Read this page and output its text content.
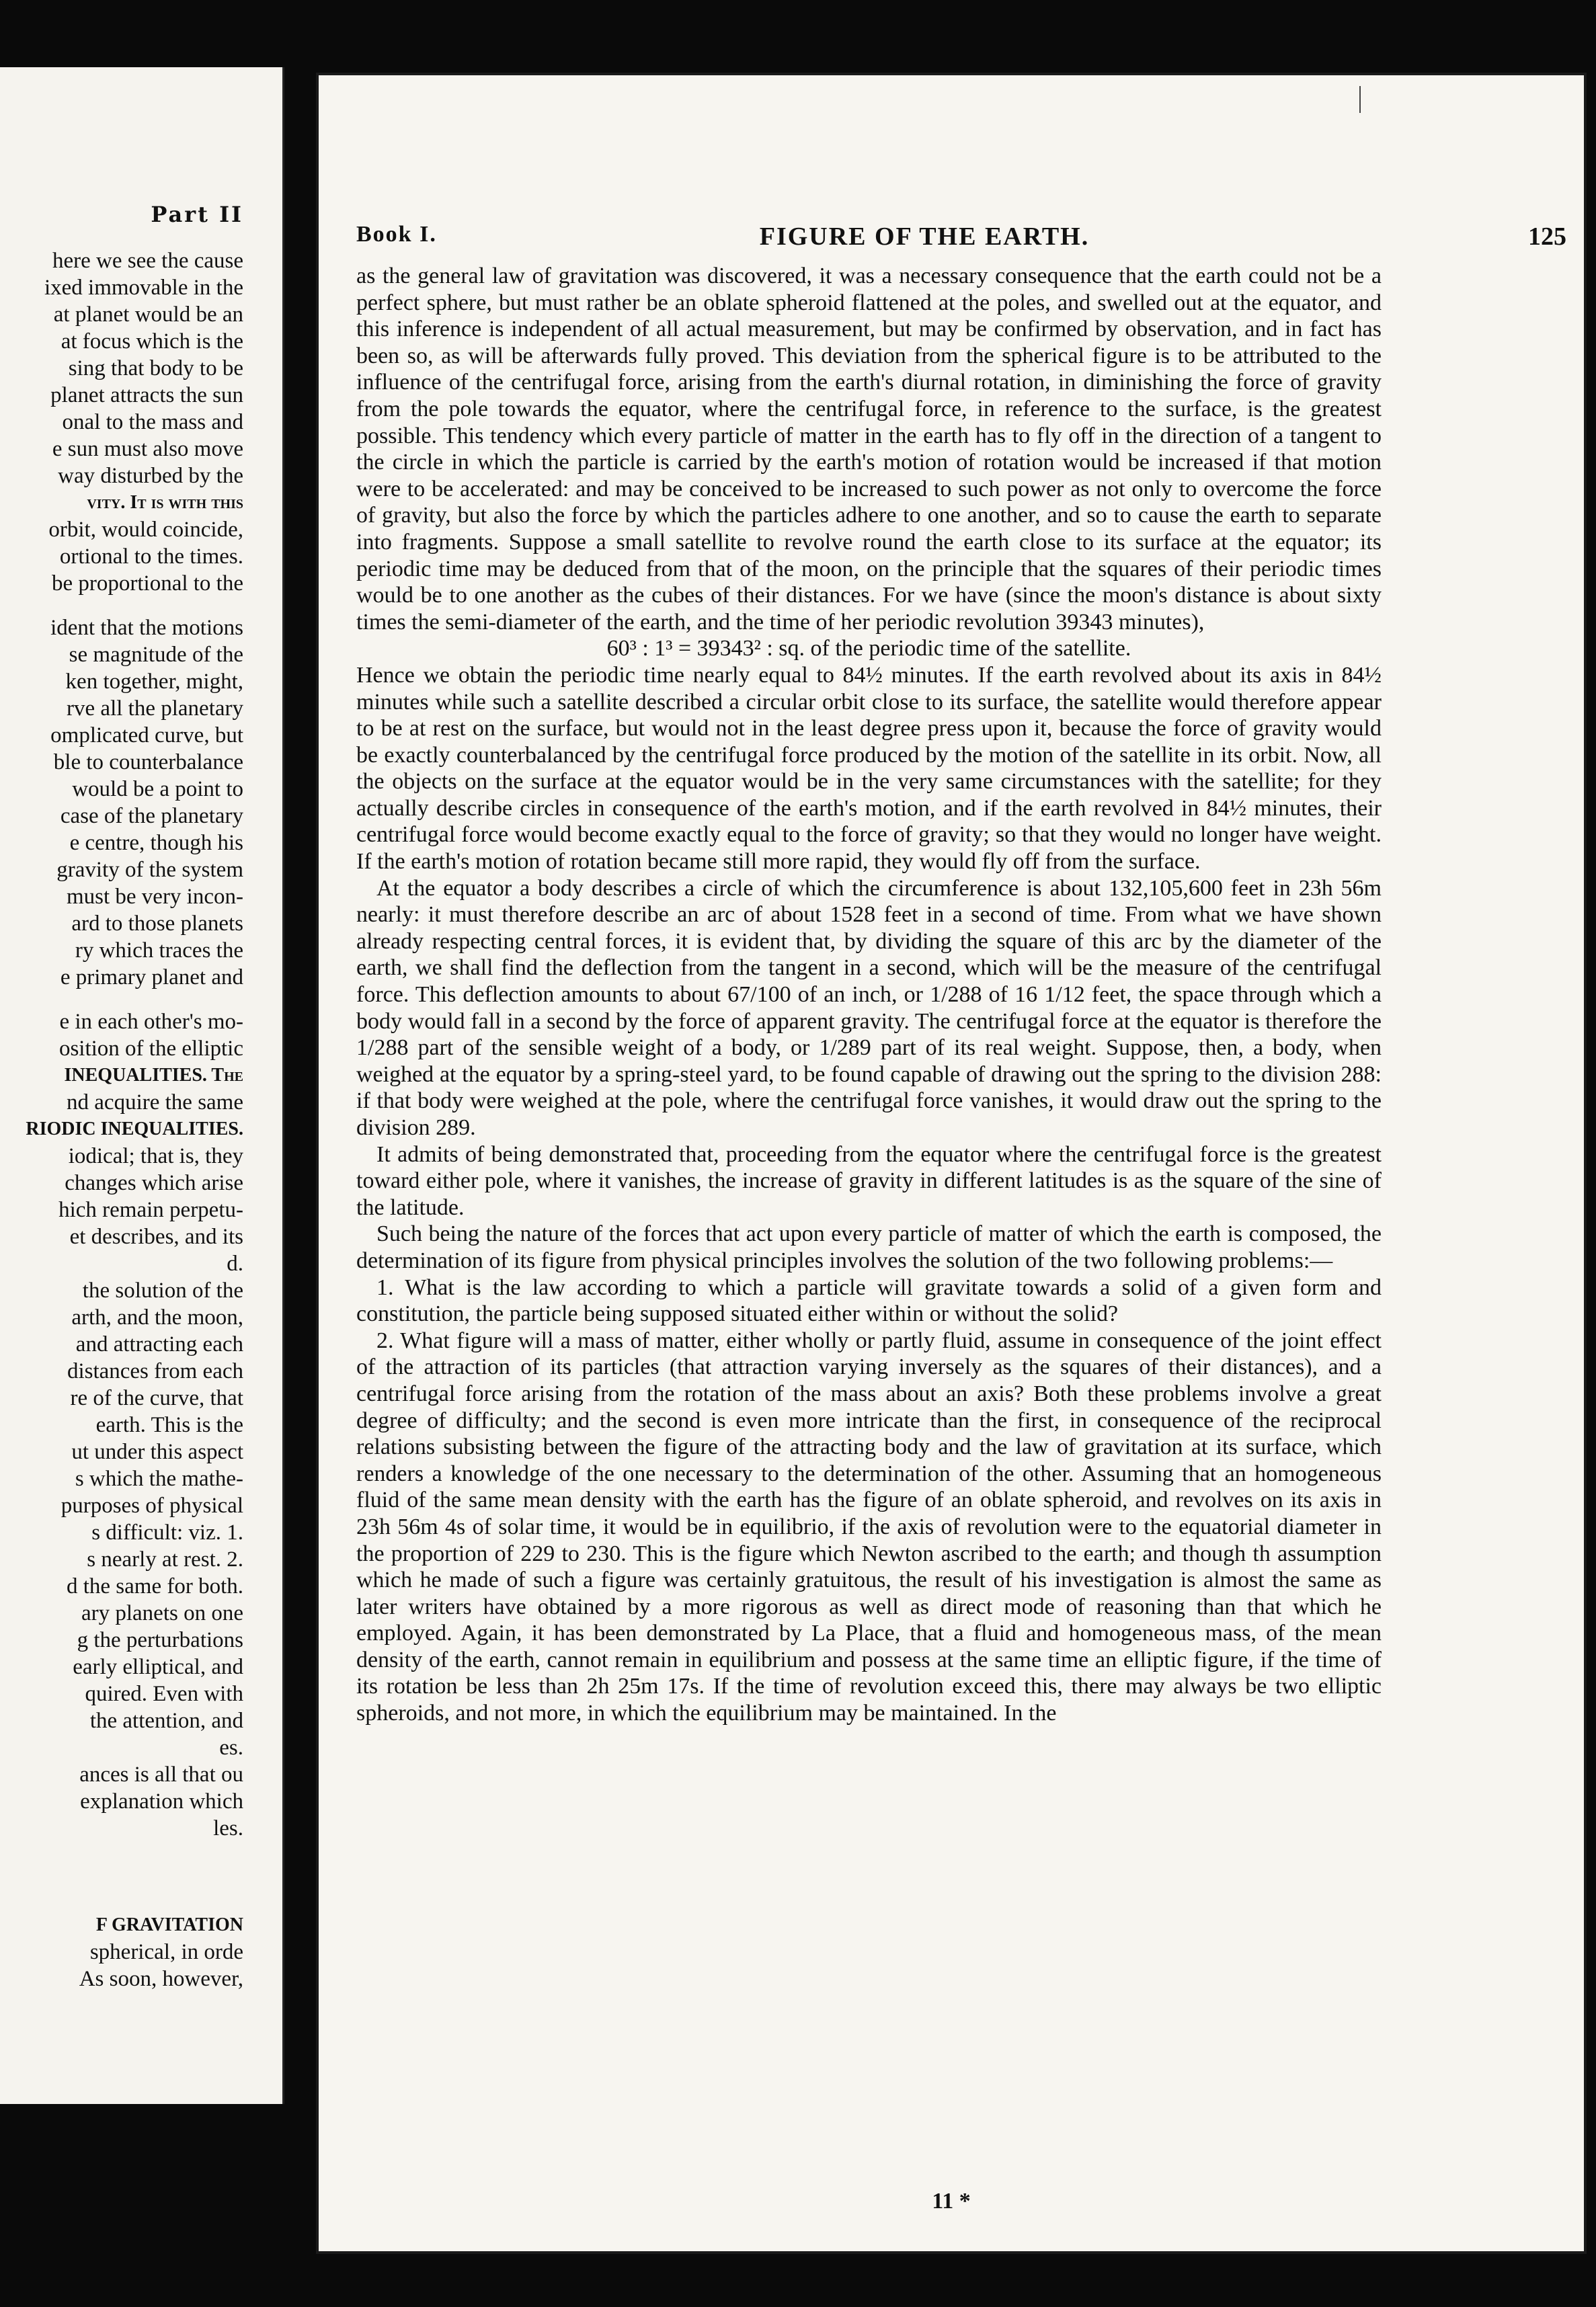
Part II
here we see the cause
ixed immovable in the
at planet would be an
at focus which is the
sing that body to be
planet attracts the sun
onal to the mass and
e sun must also move
way disturbed by the
vity. It is with this
orbit, would coincide,
ortional to the times.
be proportional to the
ident that the motions
se magnitude of the
ken together, might,
rve all the planetary
omplicated curve, but
ble to counterbalance
would be a point to
case of the planetary
e centre, though his
gravity of the system
must be very incon-
ard to those planets
ry which traces the
e primary planet and
e in each other's mo-
osition of the elliptic
INEQUALITIES. The
nd acquire the same
RIODIC INEQUALITIES.
iodical; that is, they
changes which arise
hich remain perpetu-
et describes, and its
d.
the solution of the
arth, and the moon,
and attracting each
distances from each
re of the curve, that
earth. This is the
ut under this aspect
s which the mathe-
purposes of physical
s difficult: viz. 1.
s nearly at rest. 2.
d the same for both.
ary planets on one
g the perturbations
early elliptical, and
quired. Even with
the attention, and
es.
ances is all that ou
explanation which
les.
F GRAVITATION
spherical, in orde
As soon, however,
Book I.	FIGURE OF THE EARTH.	125

as the general law of gravitation was discovered, it was a necessary consequence that the earth could not be a perfect sphere, but must rather be an oblate spheroid flattened at the poles, and swelled out at the equator, and this inference is independent of all actual measurement, but may be confirmed by observation, and in fact has been so, as will be afterwards fully proved. This deviation from the spherical figure is to be attributed to the influence of the centrifugal force, arising from the earth's diurnal rotation, in diminishing the force of gravity from the pole towards the equator, where the centrifugal force, in reference to the surface, is the greatest possible. This tendency which every particle of matter in the earth has to fly off in the direction of a tangent to the circle in which the particle is carried by the earth's motion of rotation would be increased if that motion were to be accelerated: and may be conceived to be increased to such power as not only to overcome the force of gravity, but also the force by which the particles adhere to one another, and so to cause the earth to separate into fragments. Suppose a small satellite to revolve round the earth close to its surface at the equator; its periodic time may be deduced from that of the moon, on the principle that the squares of their periodic times would be to one another as the cubes of their distances. For we have (since the moon's distance is about sixty times the semi-diameter of the earth, and the time of her periodic revolution 39343 minutes),

60³ : 1³ = 39343² : sq. of the periodic time of the satellite.

Hence we obtain the periodic time nearly equal to 84½ minutes. If the earth revolved about its axis in 84½ minutes while such a satellite described a circular orbit close to its surface, the satellite would therefore appear to be at rest on the surface, but would not in the least degree press upon it, because the force of gravity would be exactly counterbalanced by the centrifugal force produced by the motion of the satellite in its orbit. Now, all the objects on the surface at the equator would be in the very same circumstances with the satellite; for they actually describe circles in consequence of the earth's motion, and if the earth revolved in 84½ minutes, their centrifugal force would become exactly equal to the force of gravity; so that they would no longer have weight. If the earth's motion of rotation became still more rapid, they would fly off from the surface.

At the equator a body describes a circle of which the circumference is about 132,105,600 feet in 23h 56m nearly: it must therefore describe an arc of about 1528 feet in a second of time. From what we have shown already respecting central forces, it is evident that, by dividing the square of this arc by the diameter of the earth, we shall find the deflection from the tangent in a second, which will be the measure of the centrifugal force. This deflection amounts to about 67/100 of an inch, or 1/288 of 16 1/12 feet, the space through which a body would fall in a second by the force of apparent gravity. The centrifugal force at the equator is therefore the 1/288 part of the sensible weight of a body, or 1/289 part of its real weight. Suppose, then, a body, when weighed at the equator by a spring-steel yard, to be found capable of drawing out the spring to the division 288: if that body were weighed at the pole, where the centrifugal force vanishes, it would draw out the spring to the division 289.

It admits of being demonstrated that, proceeding from the equator where the centrifugal force is the greatest toward either pole, where it vanishes, the increase of gravity in different latitudes is as the square of the sine of the latitude.

Such being the nature of the forces that act upon every particle of matter of which the earth is composed, the determination of its figure from physical principles involves the solution of the two following problems:—

1. What is the law according to which a particle will gravitate towards a solid of a given form and constitution, the particle being supposed situated either within or without the solid?

2. What figure will a mass of matter, either wholly or partly fluid, assume in consequence of the joint effect of the attraction of its particles (that attraction varying inversely as the squares of their distances), and a centrifugal force arising from the rotation of the mass about an axis? Both these problems involve a great degree of difficulty; and the second is even more intricate than the first, in consequence of the reciprocal relations subsisting between the figure of the attracting body and the law of gravitation at its surface, which renders a knowledge of the one necessary to the determination of the other. Assuming that an homogeneous fluid of the same mean density with the earth has the figure of an oblate spheroid, and revolves on its axis in 23h 56m 4s of solar time, it would be in equilibrio, if the axis of revolution were to the equatorial diameter in the proportion of 229 to 230. This is the figure which Newton ascribed to the earth; and though th assumption which he made of such a figure was certainly gratuitous, the result of his investigation is almost the same as later writers have obtained by a more rigorous as well as direct mode of reasoning than that which he employed. Again, it has been demonstrated by La Place, that a fluid and homogeneous mass, of the mean density of the earth, cannot remain in equilibrium and possess at the same time an elliptic figure, if the time of its rotation be less than 2h 25m 17s. If the time of revolution exceed this, there may always be two elliptic spheroids, and not more, in which the equilibrium may be maintained. In the

11 *
